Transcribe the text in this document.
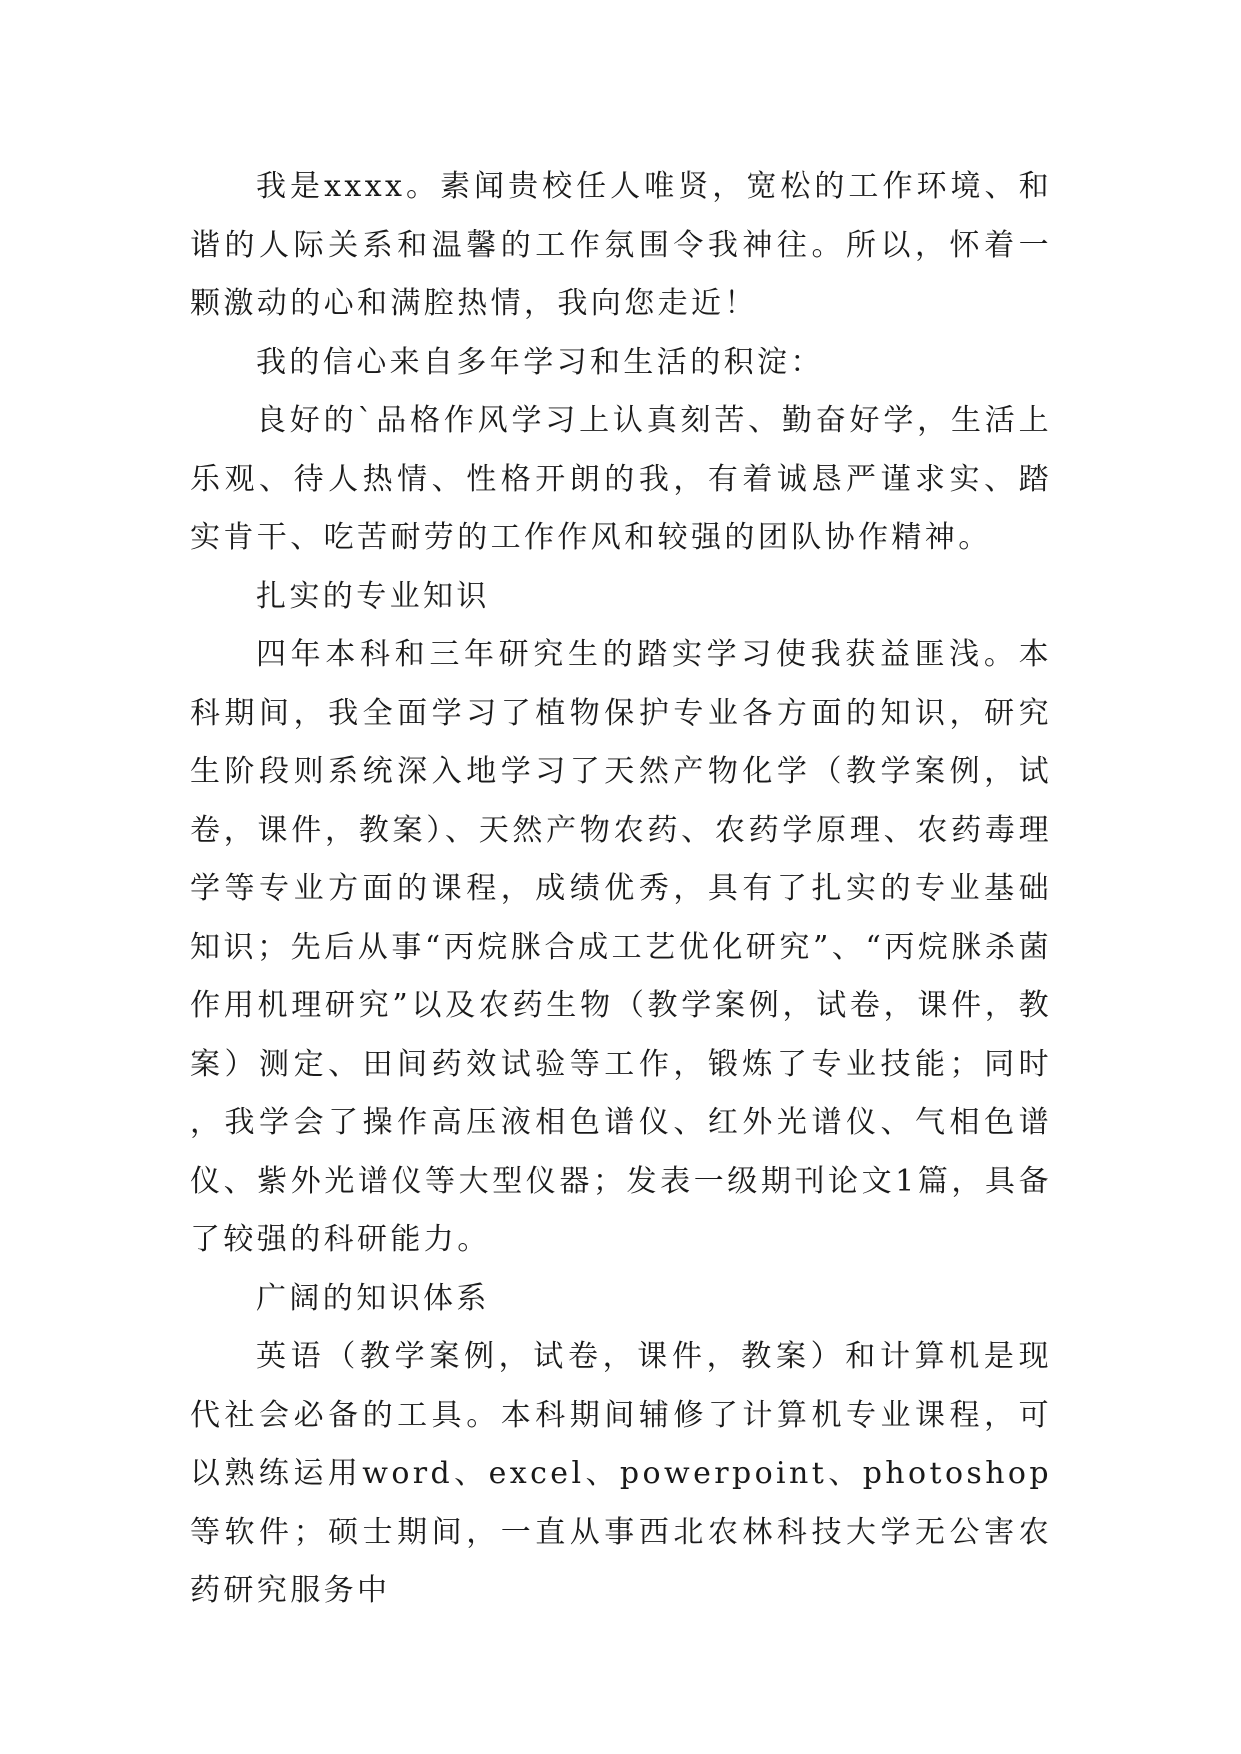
我是xxxx。素闻贵校任人唯贤，宽松的工作环境、和谐的人际关系和温馨的工作氛围令我神往。所以，怀着一颗激动的心和满腔热情，我向您走近！

我的信心来自多年学习和生活的积淀：

良好的`品格作风学习上认真刻苦、勤奋好学，生活上乐观、待人热情、性格开朗的我，有着诚恳严谨求实、踏实肯干、吃苦耐劳的工作作风和较强的团队协作精神。

扎实的专业知识

四年本科和三年研究生的踏实学习使我获益匪浅。本科期间，我全面学习了植物保护专业各方面的知识，研究生阶段则系统深入地学习了天然产物化学（教学案例，试卷，课件，教案）、天然产物农药、农药学原理、农药毒理学等专业方面的课程，成绩优秀，具有了扎实的专业基础知识；先后从事“丙烷脒合成工艺优化研究”、“丙烷脒杀菌作用机理研究”以及农药生物（教学案例，试卷，课件，教案）测定、田间药效试验等工作，锻炼了专业技能；同时，我学会了操作高压液相色谱仪、红外光谱仪、气相色谱仪、紫外光谱仪等大型仪器；发表一级期刊论文1篇，具备了较强的科研能力。

广阔的知识体系

英语（教学案例，试卷，课件，教案）和计算机是现代社会必备的工具。本科期间辅修了计算机专业课程，可以熟练运用word、excel、powerpoint、photoshop等软件；硕士期间，一直从事西北农林科技大学无公害农药研究服务中
